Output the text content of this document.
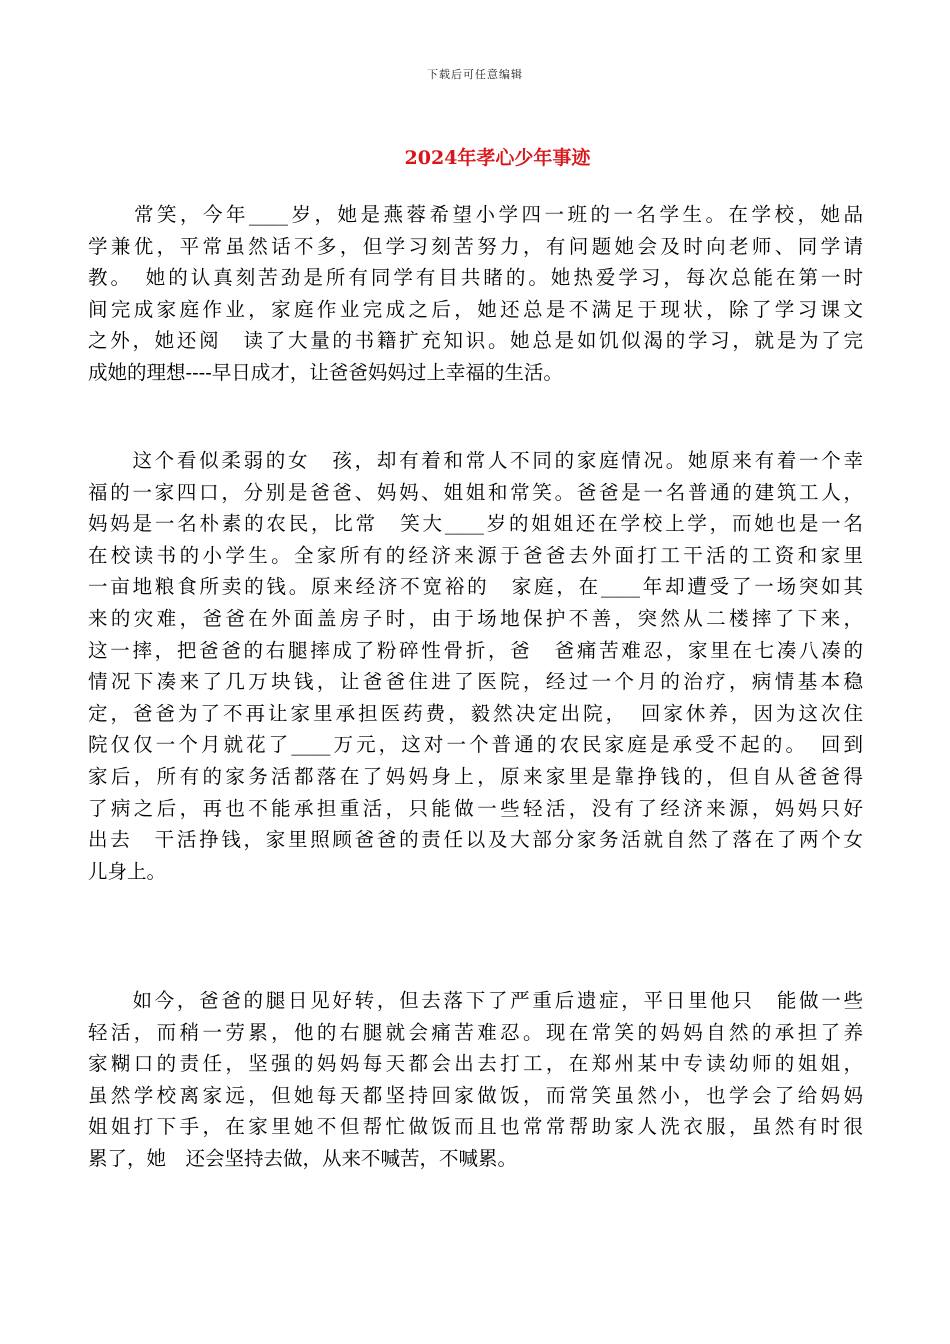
下载后可任意编辑
2024年孝心少年事迹
　　常笑，今年____岁，她是燕蓉希望小学四一班的一名学生。在学校，她品
学兼优，平常虽然话不多，但学习刻苦努力，有问题她会及时向老师、同学请
教。　她的认真刻苦劲是所有同学有目共睹的。她热爱学习，每次总能在第一时
间完成家庭作业，家庭作业完成之后，她还总是不满足于现状，除了学习课文
之外，她还阅　读了大量的书籍扩充知识。她总是如饥似渴的学习，就是为了完
成她的理想----早日成才，让爸爸妈妈过上幸福的生活。
　　这个看似柔弱的女　孩，却有着和常人不同的家庭情况。她原来有着一个幸
福的一家四口，分别是爸爸、妈妈、姐姐和常笑。爸爸是一名普通的建筑工人，
妈妈是一名朴素的农民，比常　笑大____岁的姐姐还在学校上学，而她也是一名
在校读书的小学生。全家所有的经济来源于爸爸去外面打工干活的工资和家里
一亩地粮食所卖的钱。原来经济不宽裕的　家庭，在____年却遭受了一场突如其
来的灾难，爸爸在外面盖房子时，由于场地保护不善，突然从二楼摔了下来，
这一摔，把爸爸的右腿摔成了粉碎性骨折，爸　爸痛苦难忍，家里在七凑八凑的
情况下凑来了几万块钱，让爸爸住进了医院，经过一个月的治疗，病情基本稳
定，爸爸为了不再让家里承担医药费，毅然决定出院，　回家休养，因为这次住
院仅仅一个月就花了____万元，这对一个普通的农民家庭是承受不起的。　回到
家后，所有的家务活都落在了妈妈身上，原来家里是靠挣钱的，但自从爸爸得
了病之后，再也不能承担重活，只能做一些轻活，没有了经济来源，妈妈只好
出去　干活挣钱，家里照顾爸爸的责任以及大部分家务活就自然了落在了两个女
儿身上。
　　如今，爸爸的腿日见好转，但去落下了严重后遗症，平日里他只　能做一些
轻活，而稍一劳累，他的右腿就会痛苦难忍。现在常笑的妈妈自然的承担了养
家糊口的责任，坚强的妈妈每天都会出去打工，在郑州某中专读幼师的姐姐，
虽然学校离家远，但她每天都坚持回家做饭，而常笑虽然小，也学会了给妈妈
姐姐打下手，在家里她不但帮忙做饭而且也常常帮助家人洗衣服，虽然有时很
累了，她　还会坚持去做，从来不喊苦，不喊累。
